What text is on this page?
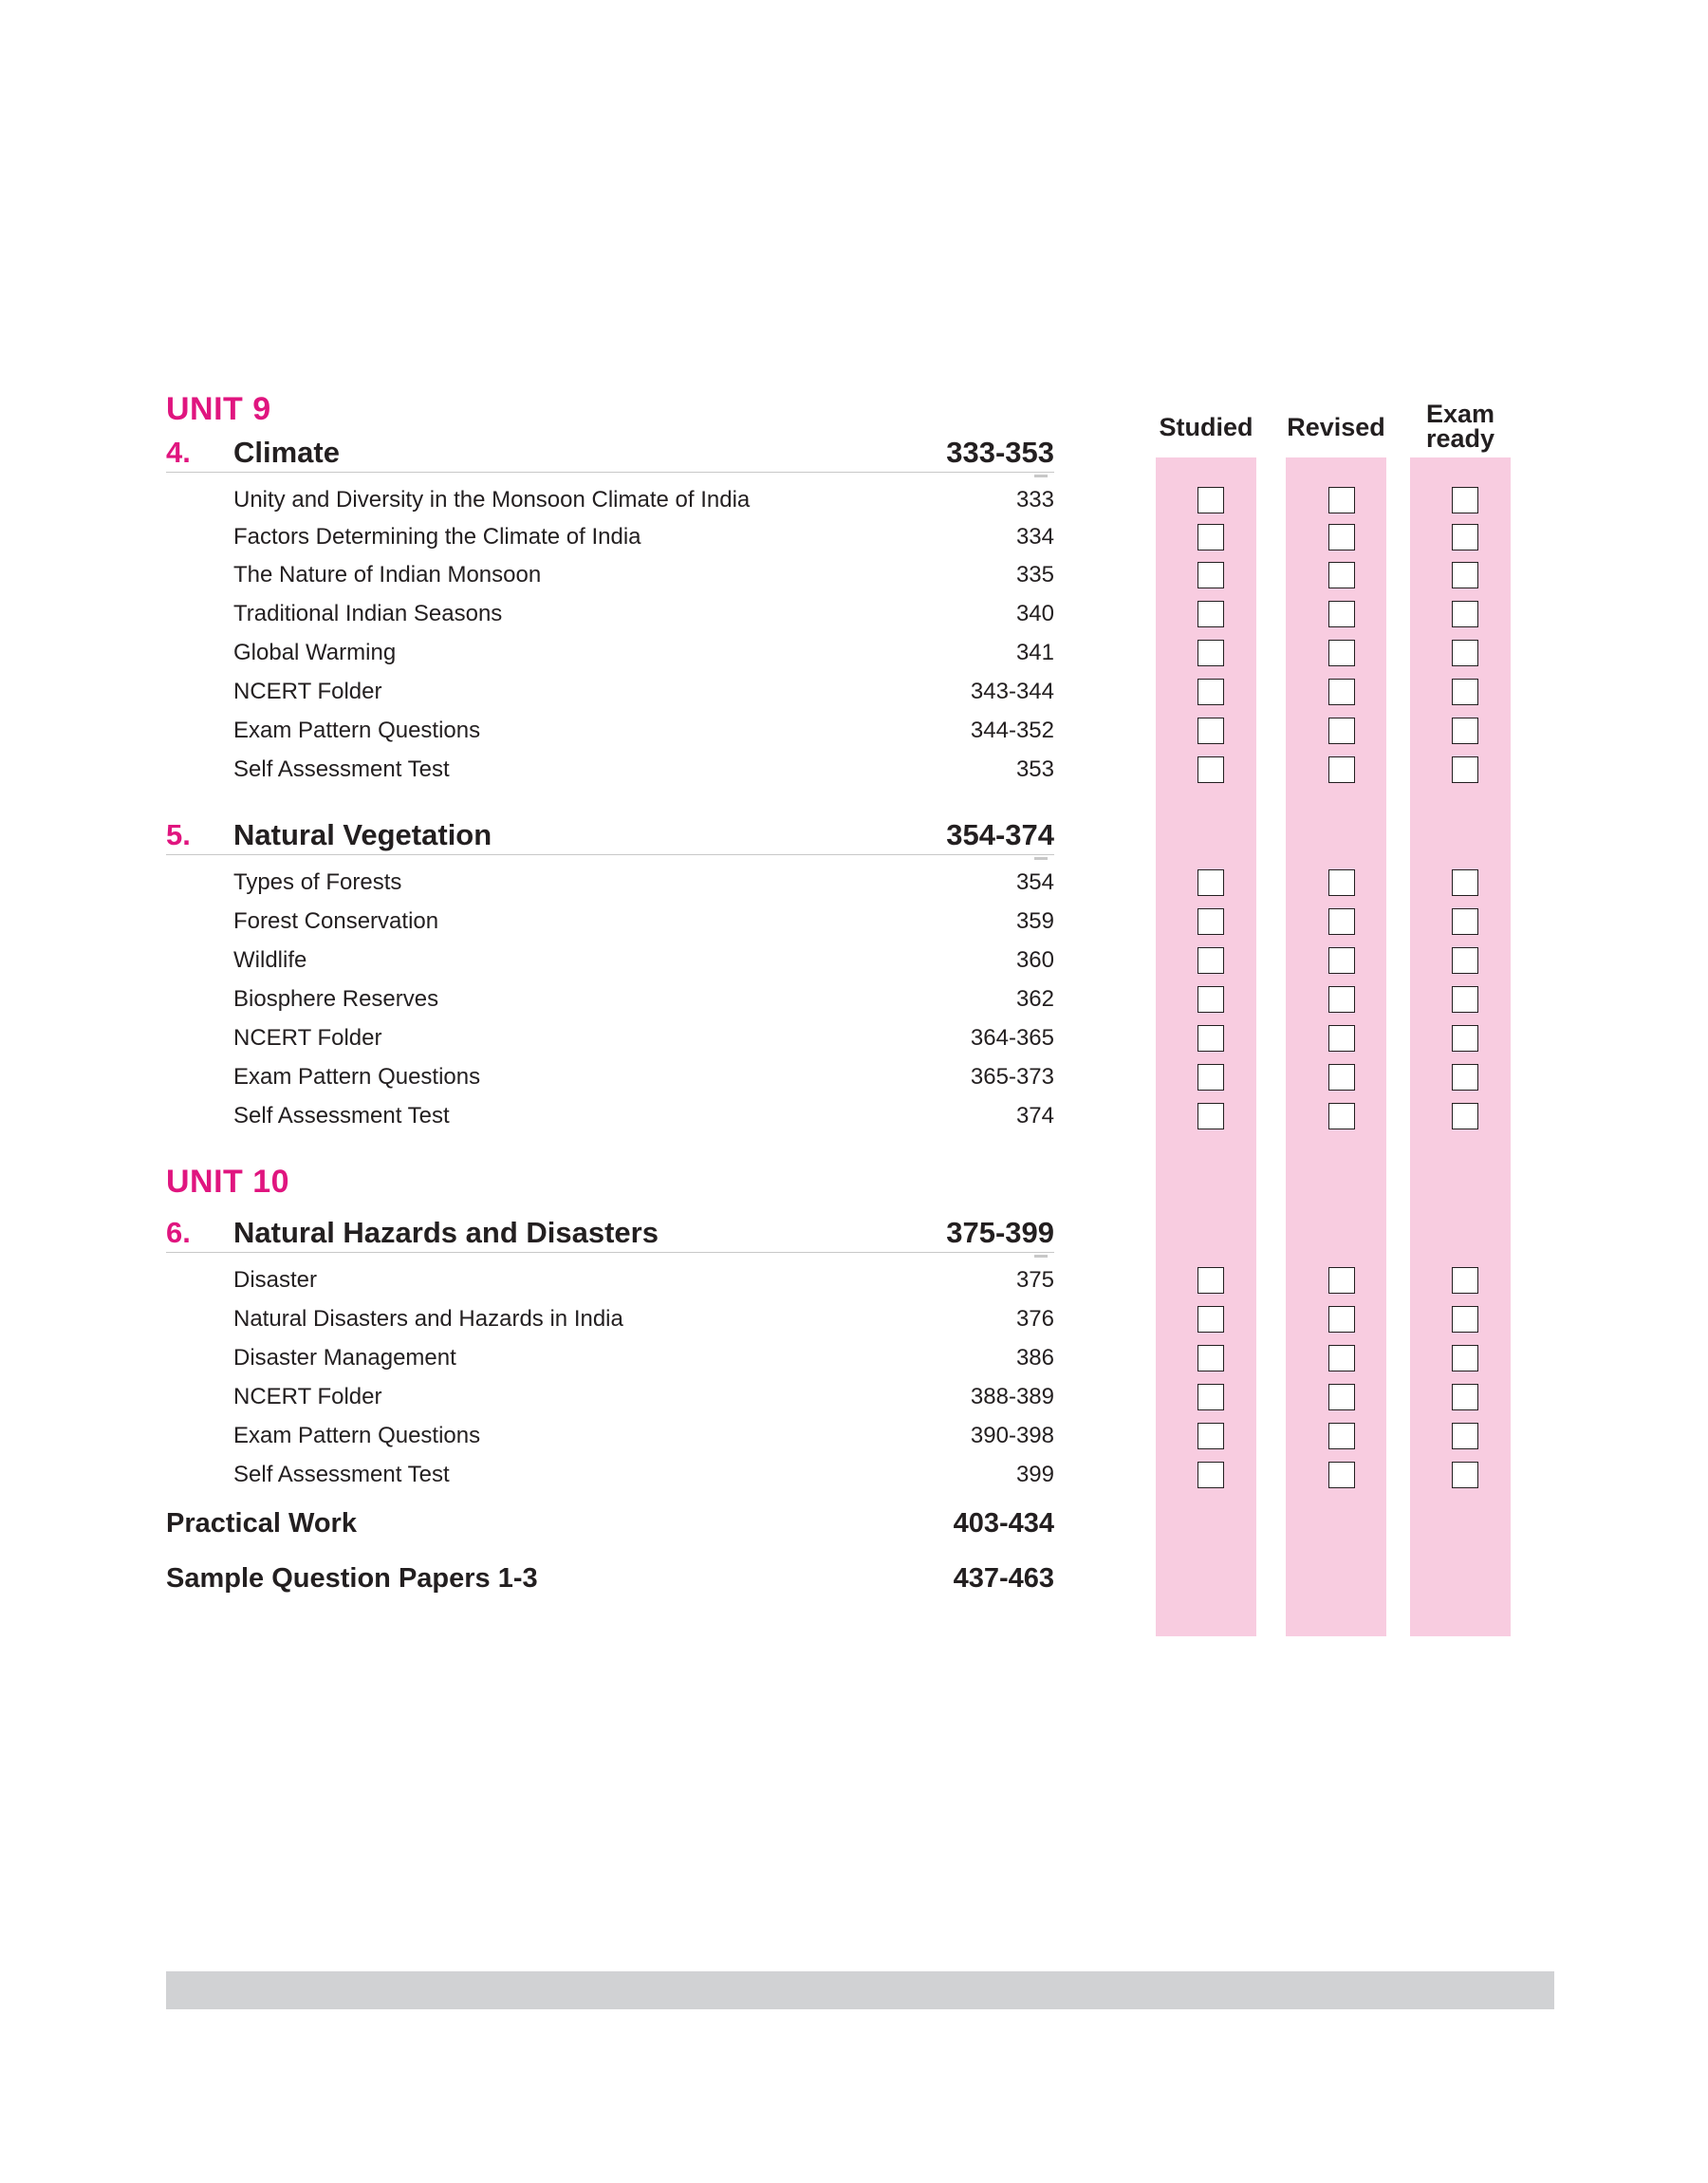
Studied	Revised	Exam
ready
UNIT 9
4. Climate	333-353
Unity and Diversity in the Monsoon Climate of India	333
Factors Determining the Climate of India	334
The Nature of Indian Monsoon	335
Traditional Indian Seasons	340
Global Warming	341
NCERT Folder	343-344
Exam Pattern Questions	344-352
Self Assessment Test	353
5. Natural Vegetation	354-374
Types of Forests	354
Forest Conservation	359
Wildlife	360
Biosphere Reserves	362
NCERT Folder	364-365
Exam Pattern Questions	365-373
Self Assessment Test	374
UNIT 10
6. Natural Hazards and Disasters	375-399
Disaster	375
Natural Disasters and Hazards in India	376
Disaster Management	386
NCERT Folder	388-389
Exam Pattern Questions	390-398
Self Assessment Test	399
Practical Work	403-434
Sample Question Papers 1-3	437-463
